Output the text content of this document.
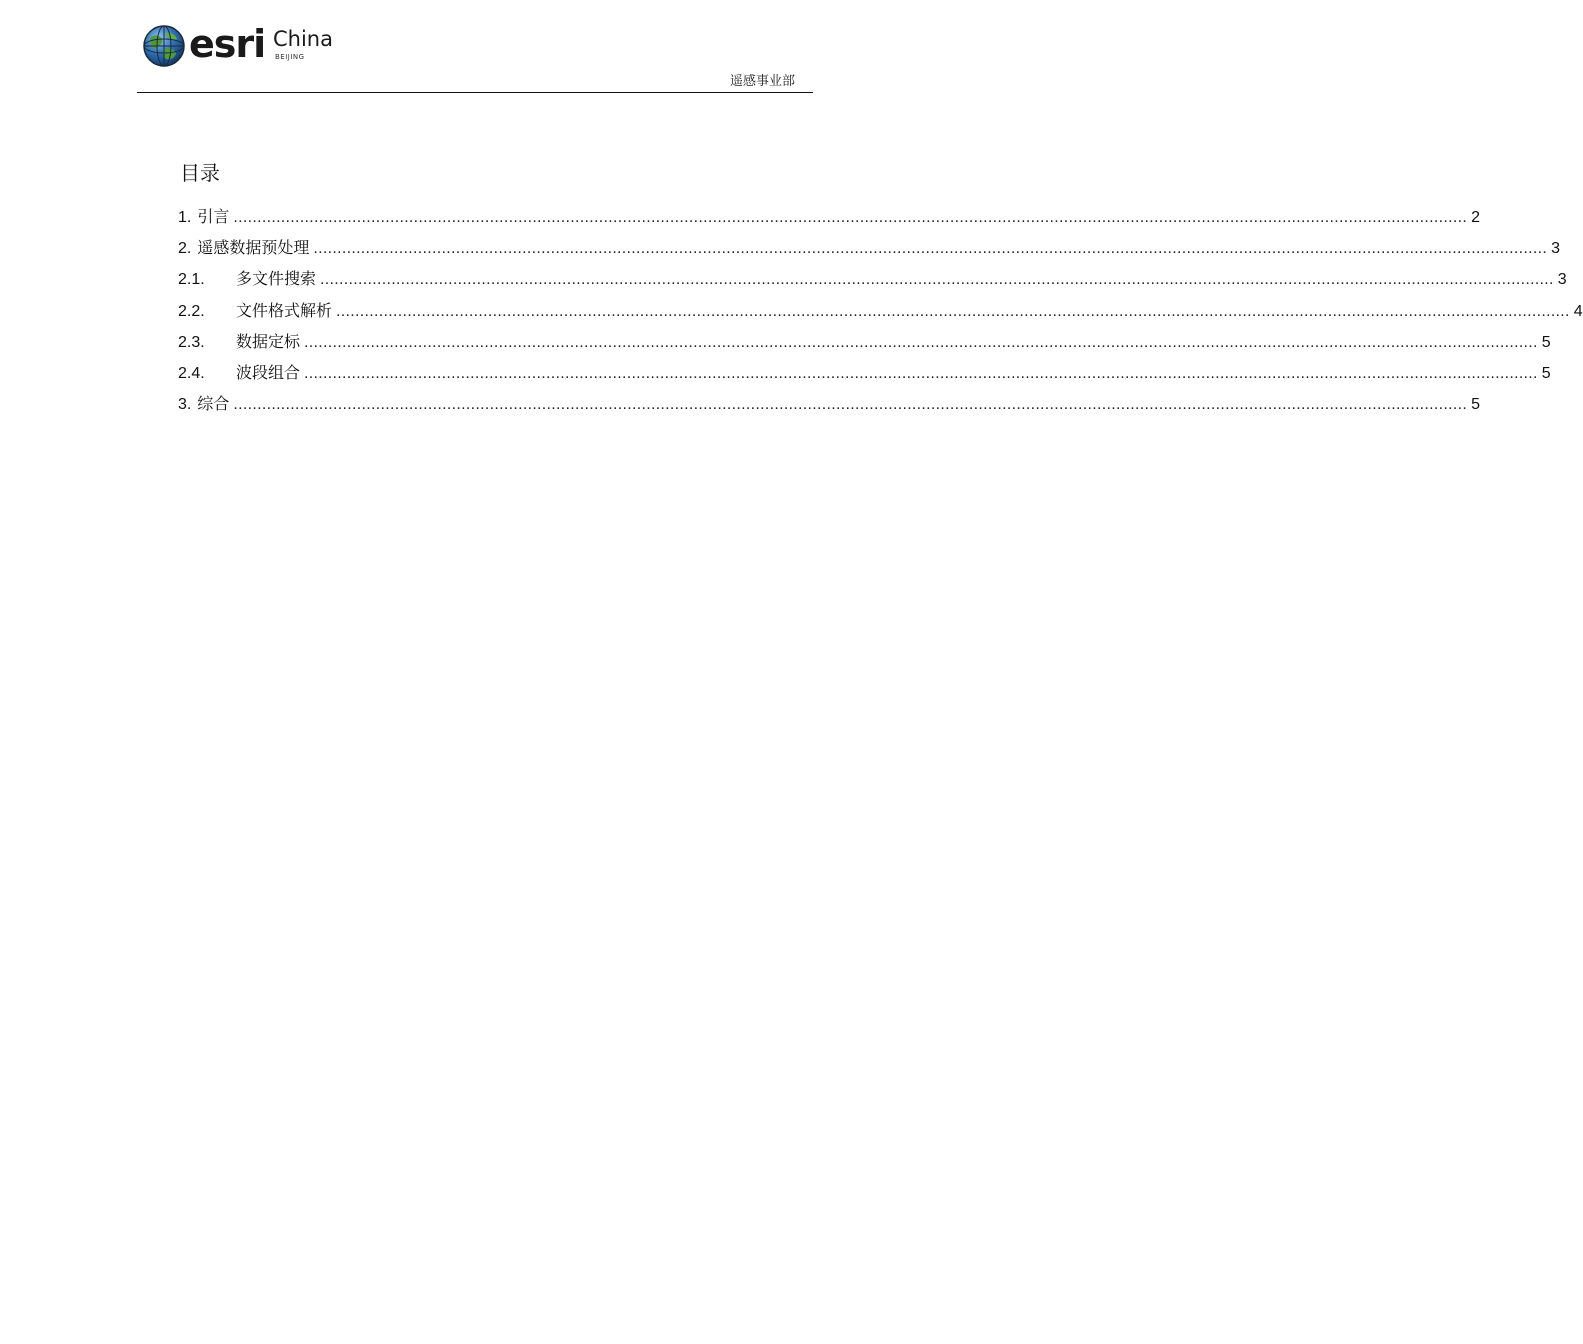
esri China
BEIJING
遥感事业部
目录
1. 引言 .................................................................................................................................................................................................................................................................... 2
2. 遥感数据预处理 .................................................................................................................................................................................................................................................................... 3
2.1.	多文件搜索 .................................................................................................................................................................................................................................................................... 3
2.2.	文件格式解析 .................................................................................................................................................................................................................................................................... 4
2.3.	数据定标 .................................................................................................................................................................................................................................................................... 5
2.4.	波段组合 .................................................................................................................................................................................................................................................................... 5
3. 综合 .................................................................................................................................................................................................................................................................... 5
